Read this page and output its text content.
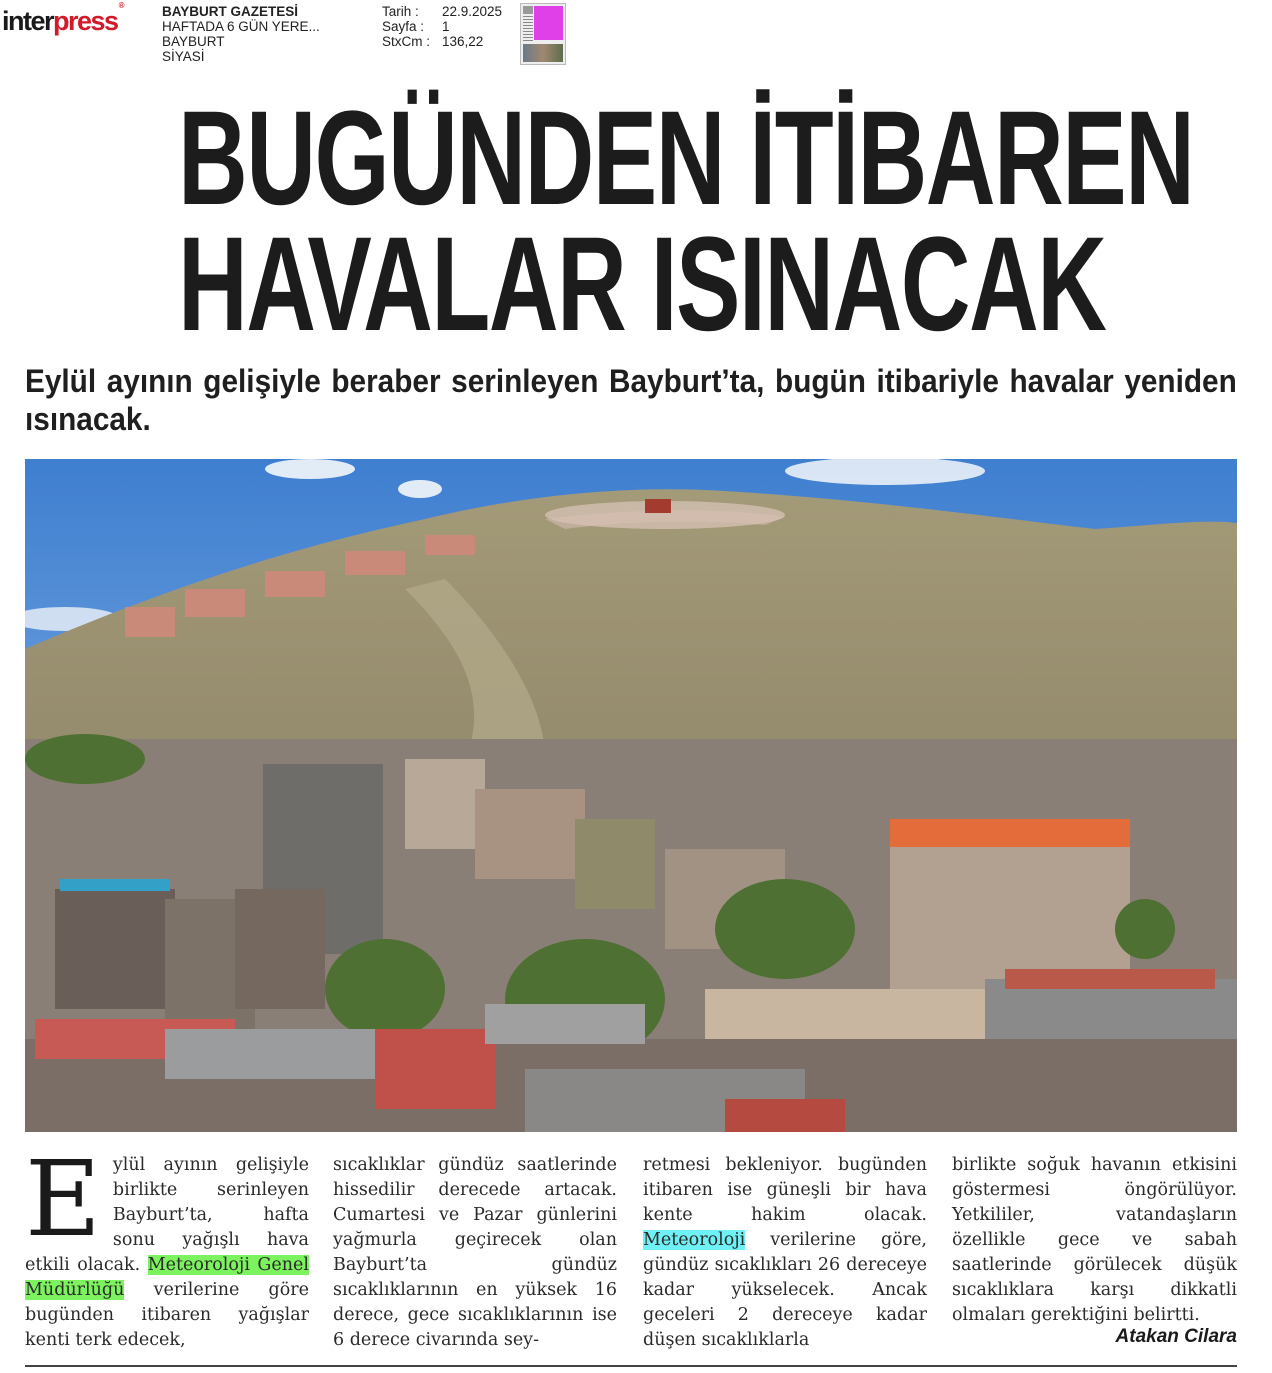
interpress®	BAYBURT GAZETESİ
HAFTADA 6 GÜN YERE...
BAYBURT
SİYASİ
Tarih :	22.9.2025
Sayfa :	1
StxCm : 136,22
BUGÜNDEN İTİBAREN
HAVALAR ISINACAK
Eylül ayının gelişiyle beraber serinleyen Bayburt’ta, bugün itibariyle havalar yeniden ısınacak.
Eylül ayının gelişiyle birlikte serinleyen Bayburt’ta, hafta sonu yağışlı hava etkili olacak. Meteoroloji Genel Müdürlüğü verilerine göre bugünden itibaren yağışlar kenti terk edecek,
sıcaklıklar gündüz saatlerinde hissedilir derecede artacak. Cumartesi ve Pazar günlerini yağmurla geçirecek olan Bayburt’ta gündüz sıcaklıklarının en yüksek 16 derece, gece sıcaklıklarının ise 6 derece civarında sey-
retmesi bekleniyor. bugünden itibaren ise güneşli bir hava kente hakim olacak. Meteoroloji verilerine göre, gündüz sıcaklıkları 26 dereceye kadar yükselecek. Ancak geceleri 2 dereceye kadar düşen sıcaklıklarla
birlikte soğuk havanın etkisini göstermesi öngörülüyor. Yetkililer, vatandaşların özellikle gece ve sabah saatlerinde görülecek düşük sıcaklıklara karşı dikkatli olmaları gerektiğini belirtti.
Atakan Cilara
